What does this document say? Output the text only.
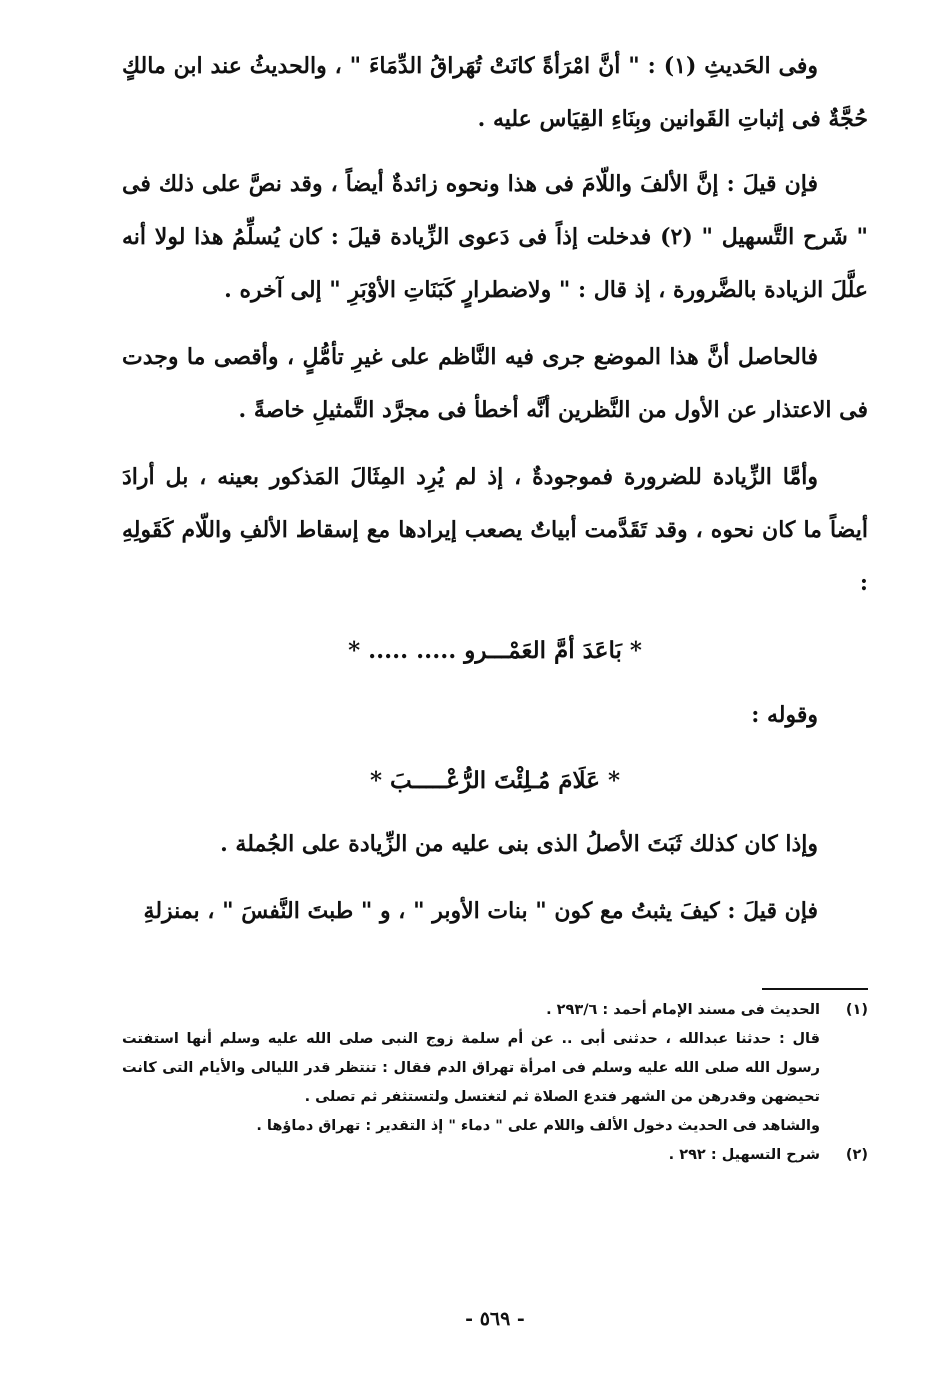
وفى الحَديثِ (١) : " أنَّ امْرَأةً كانَتْ تُهَراقُ الدِّمَاءَ " ، والحديثُ عند ابن مالكٍ حُجَّةٌ فى إثباتِ القَوانين وبِنَاءِ القِيَاس عليه .

فإن قيلَ : إنَّ الألفَ واللّامَ فى هذا ونحوه زائدةٌ أيضاً ، وقد نصَّ على ذلك فى " شَرح التَّسهيل " (٢) فدخلت إذاً فى دَعوى الزِّيادة قيلَ : كان يُسلِّمُ هذا لولا أنه علَّلَ الزيادة بالضَّرورة ، إذ قال : " ولاضطرارٍ كَبَنَاتِ الأوْبَرِ " إلى آخره .

فالحاصل أنَّ هذا الموضع جرى فيه النَّاظم على غيرِ تأمُّلٍ ، وأقصى ما وجدت فى الاعتذار عن الأول من النَّظرين أنَّه أخطأ فى مجرَّد التَّمثيلِ خاصةً .

وأمَّا الزِّيادة للضرورة فموجودةٌ ، إذ لم يُرِد المِثَالَ المَذكور بعينه ، بل أرادَ أيضاً ما كان نحوه ، وقد تَقَدَّمت أبياتٌ يصعب إيرادها مع إسقاط الألفِ واللّام كَقَولِهِ :

* بَاعَدَ أمَّ العَمْـــرو ..... ..... *
وقوله :
* عَلَامَ مُـلِئْتَ الرُّعْـــــبَ *

وإذا كان كذلك ثَبَتَ الأصلُ الذى بنى عليه من الزِّيادة على الجُملة .

فإن قيلَ : كيفَ يثبتُ مع كون " بنات الأوبر " ، و " طبتَ النَّفسَ " ، بمنزلةِ

(١)
الحديث فى مسند الإمام أحمد : ٢٩٣/٦ .
قال : حدثنا عبدالله ، حدثنى أبى .. عن أم سلمة زوج النبى صلى الله عليه وسلم أنها استفتت رسول الله صلى الله عليه وسلم فى امرأة تهراق الدم فقال : تنتظر قدر الليالى والأيام التى كانت تحيضهن وقدرهن من الشهر فتدع الصلاة ثم لتغتسل ولتستثفر ثم تصلى .
والشاهد فى الحديث دخول الألف واللام على " دماء " إذ التقدير : تهراق دماؤها .
(٢)
شرح التسهيل : ٢٩٢ .
- ٥٦٩ -
